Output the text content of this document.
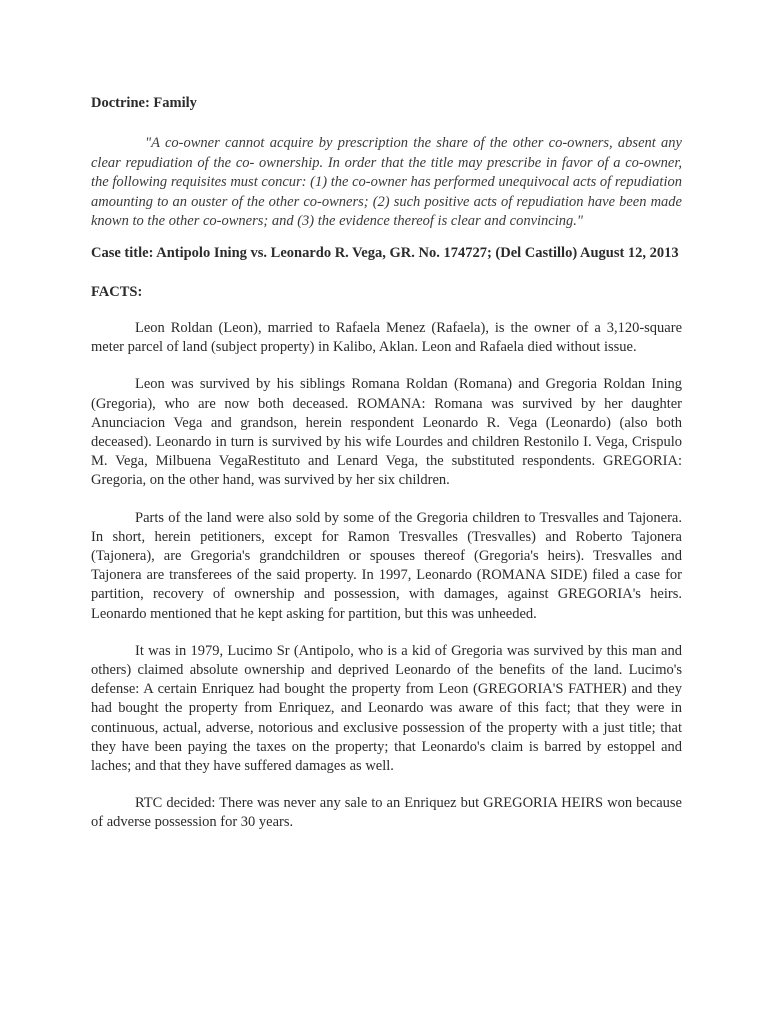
Doctrine: Family
"A co-owner cannot acquire by prescription the share of the other co-owners, absent any clear repudiation of the co- ownership. In order that the title may prescribe in favor of a co-owner, the following requisites must concur: (1) the co-owner has performed unequivocal acts of repudiation amounting to an ouster of the other co-owners; (2) such positive acts of repudiation have been made known to the other co-owners; and (3) the evidence thereof is clear and convincing."
Case title: Antipolo Ining vs. Leonardo R. Vega, GR. No. 174727; (Del Castillo) August 12, 2013
FACTS:
Leon Roldan (Leon), married to Rafaela Menez (Rafaela), is the owner of a 3,120-square meter parcel of land (subject property) in Kalibo, Aklan. Leon and Rafaela died without issue.
Leon was survived by his siblings Romana Roldan (Romana) and Gregoria Roldan Ining (Gregoria), who are now both deceased. ROMANA: Romana was survived by her daughter Anunciacion Vega and grandson, herein respondent Leonardo R. Vega (Leonardo) (also both deceased). Leonardo in turn is survived by his wife Lourdes and children Restonilo I. Vega, Crispulo M. Vega, Milbuena VegaRestituto and Lenard Vega, the substituted respondents. GREGORIA: Gregoria, on the other hand, was survived by her six children.
Parts of the land were also sold by some of the Gregoria children to Tresvalles and Tajonera. In short, herein petitioners, except for Ramon Tresvalles (Tresvalles) and Roberto Tajonera (Tajonera), are Gregoria's grandchildren or spouses thereof (Gregoria's heirs). Tresvalles and Tajonera are transferees of the said property. In 1997, Leonardo (ROMANA SIDE) filed a case for partition, recovery of ownership and possession, with damages, against GREGORIA's heirs. Leonardo mentioned that he kept asking for partition, but this was unheeded.
It was in 1979, Lucimo Sr (Antipolo, who is a kid of Gregoria was survived by this man and others) claimed absolute ownership and deprived Leonardo of the benefits of the land. Lucimo's defense: A certain Enriquez had bought the property from Leon (GREGORIA'S FATHER) and they had bought the property from Enriquez, and Leonardo was aware of this fact; that they were in continuous, actual, adverse, notorious and exclusive possession of the property with a just title; that they have been paying the taxes on the property; that Leonardo's claim is barred by estoppel and laches; and that they have suffered damages as well.
RTC decided: There was never any sale to an Enriquez but GREGORIA HEIRS won because of adverse possession for 30 years.
